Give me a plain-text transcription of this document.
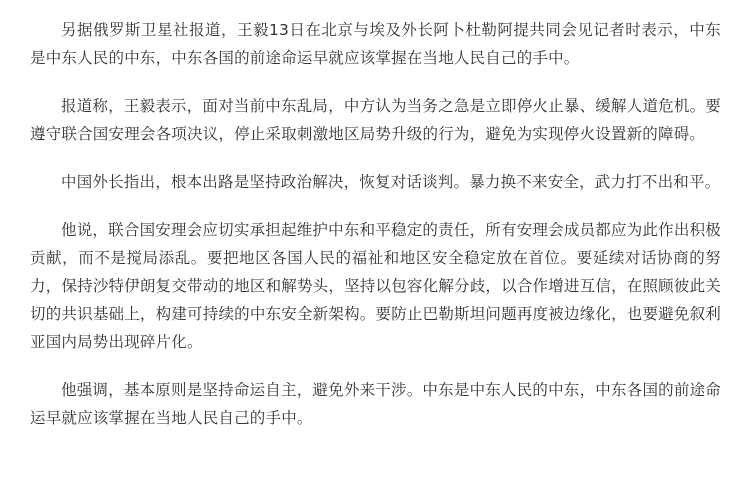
另据俄罗斯卫星社报道，王毅13日在北京与埃及外长阿卜杜勒阿提共同会见记者时表示，中东是中东人民的中东，中东各国的前途命运早就应该掌握在当地人民自己的手中。

报道称，王毅表示，面对当前中东乱局，中方认为当务之急是立即停火止暴、缓解人道危机。要遵守联合国安理会各项决议，停止采取刺激地区局势升级的行为，避免为实现停火设置新的障碍。

中国外长指出，根本出路是坚持政治解决，恢复对话谈判。暴力换不来安全，武力打不出和平。

他说，联合国安理会应切实承担起维护中东和平稳定的责任，所有安理会成员都应为此作出积极贡献，而不是搅局添乱。要把地区各国人民的福祉和地区安全稳定放在首位。要延续对话协商的努力，保持沙特伊朗复交带动的地区和解势头，坚持以包容化解分歧，以合作增进互信，在照顾彼此关切的共识基础上，构建可持续的中东安全新架构。要防止巴勒斯坦问题再度被边缘化，也要避免叙利亚国内局势出现碎片化。

他强调，基本原则是坚持命运自主，避免外来干涉。中东是中东人民的中东，中东各国的前途命运早就应该掌握在当地人民自己的手中。
